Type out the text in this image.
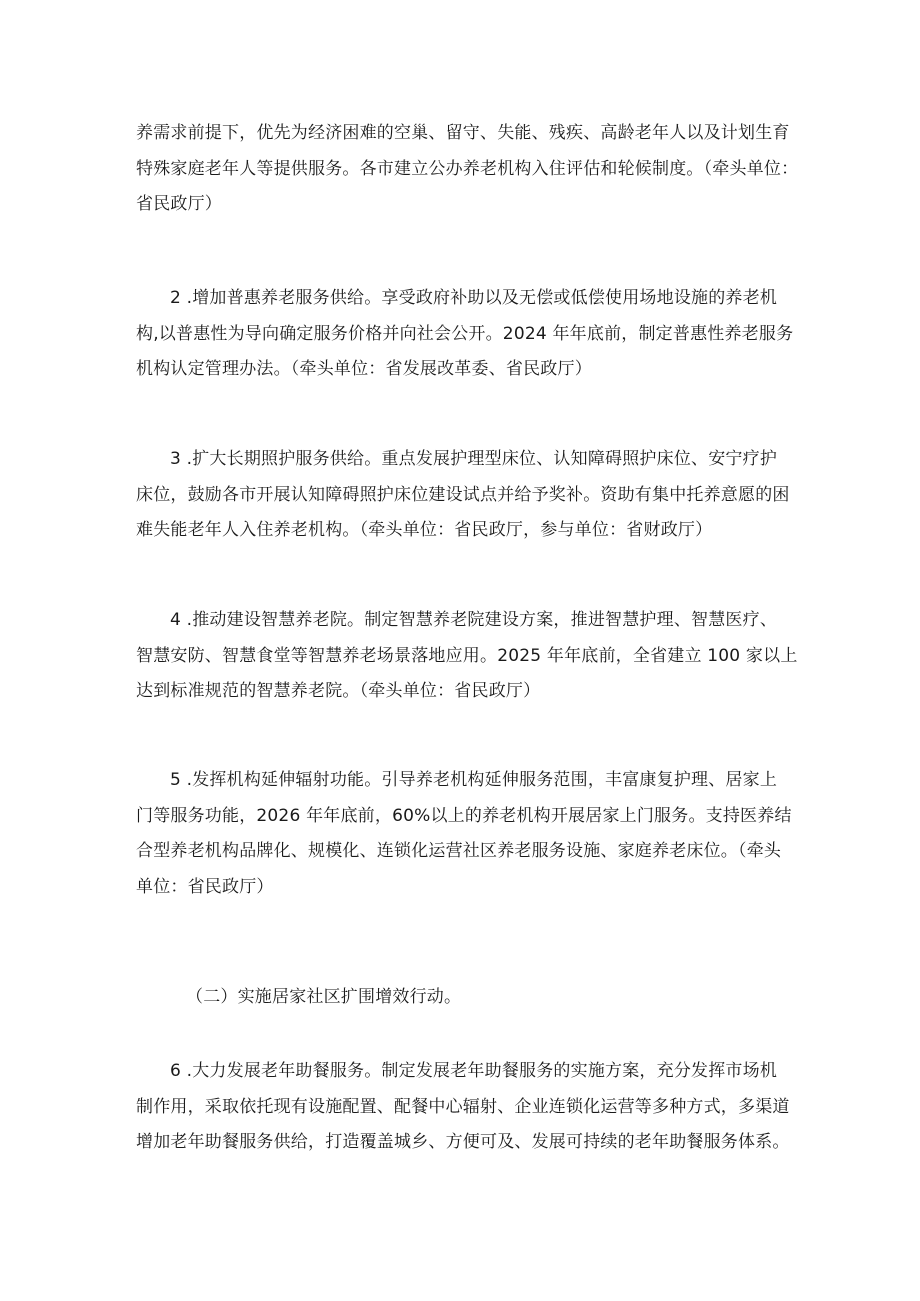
养需求前提下，优先为经济困难的空巢、留守、失能、残疾、高龄老年人以及计划生育
特殊家庭老年人等提供服务。各市建立公办养老机构入住评估和轮候制度。（牵头单位：
省民政厅）
2 .增加普惠养老服务供给。享受政府补助以及无偿或低偿使用场地设施的养老机
构,以普惠性为导向确定服务价格并向社会公开。2024 年年底前，制定普惠性养老服务
机构认定管理办法。（牵头单位：省发展改革委、省民政厅）
3 .扩大长期照护服务供给。重点发展护理型床位、认知障碍照护床位、安宁疗护
床位，鼓励各市开展认知障碍照护床位建设试点并给予奖补。资助有集中托养意愿的困
难失能老年人入住养老机构。（牵头单位：省民政厅，参与单位：省财政厅）
4 .推动建设智慧养老院。制定智慧养老院建设方案，推进智慧护理、智慧医疗、
智慧安防、智慧食堂等智慧养老场景落地应用。2025 年年底前，全省建立 100 家以上
达到标准规范的智慧养老院。（牵头单位：省民政厅）
5 .发挥机构延伸辐射功能。引导养老机构延伸服务范围，丰富康复护理、居家上
门等服务功能，2026 年年底前，60%以上的养老机构开展居家上门服务。支持医养结
合型养老机构品牌化、规模化、连锁化运营社区养老服务设施、家庭养老床位。（牵头
单位：省民政厅）
（二）实施居家社区扩围增效行动。
6 .大力发展老年助餐服务。制定发展老年助餐服务的实施方案，充分发挥市场机
制作用，采取依托现有设施配置、配餐中心辐射、企业连锁化运营等多种方式，多渠道
增加老年助餐服务供给，打造覆盖城乡、方便可及、发展可持续的老年助餐服务体系。
